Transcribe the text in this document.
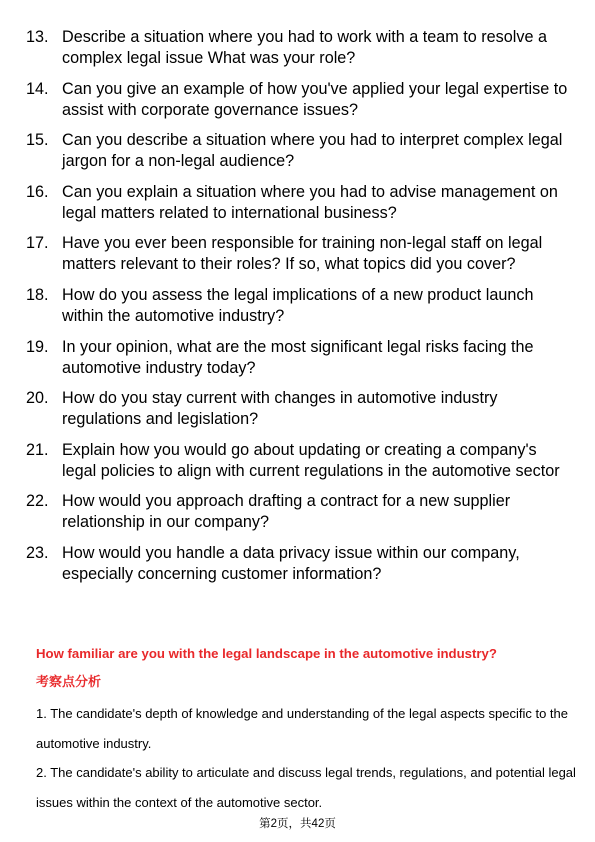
13. Describe a situation where you had to work with a team to resolve a complex legal issue What was your role?
14. Can you give an example of how you've applied your legal expertise to assist with corporate governance issues?
15. Can you describe a situation where you had to interpret complex legal jargon for a non-legal audience?
16. Can you explain a situation where you had to advise management on legal matters related to international business?
17. Have you ever been responsible for training non-legal staff on legal matters relevant to their roles? If so, what topics did you cover?
18. How do you assess the legal implications of a new product launch within the automotive industry?
19. In your opinion, what are the most significant legal risks facing the automotive industry today?
20. How do you stay current with changes in automotive industry regulations and legislation?
21. Explain how you would go about updating or creating a company's legal policies to align with current regulations in the automotive sector
22. How would you approach drafting a contract for a new supplier relationship in our company?
23. How would you handle a data privacy issue within our company, especially concerning customer information?
How familiar are you with the legal landscape in the automotive industry?
考察点分析
1. The candidate's depth of knowledge and understanding of the legal aspects specific to the automotive industry.
2. The candidate's ability to articulate and discuss legal trends, regulations, and potential legal issues within the context of the automotive sector.
第2页，共42页
